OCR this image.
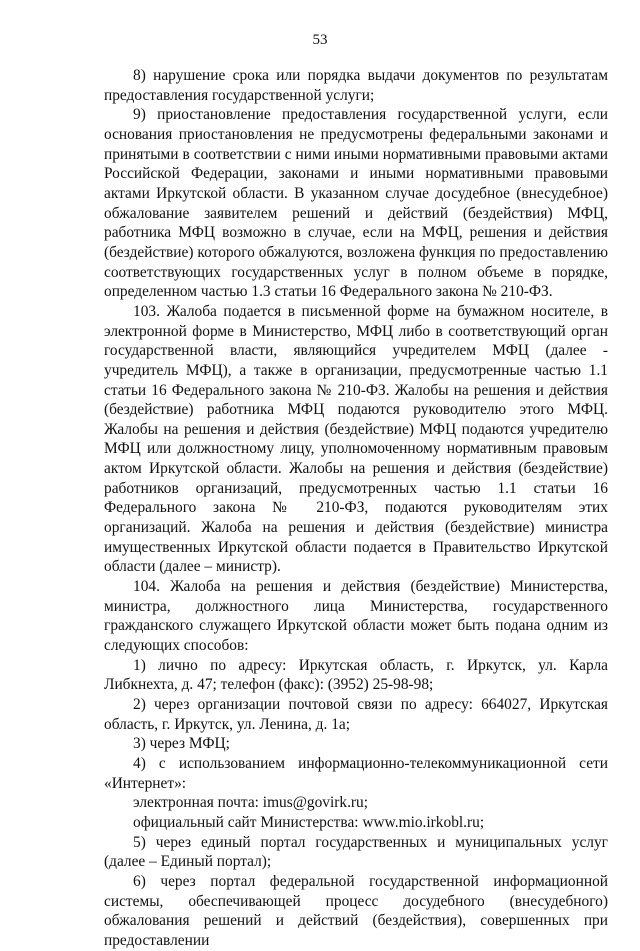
53

8) нарушение срока или порядка выдачи документов по результатам предоставления государственной услуги;

9) приостановление предоставления государственной услуги, если основания приостановления не предусмотрены федеральными законами и принятыми в соответствии с ними иными нормативными правовыми актами Российской Федерации, законами и иными нормативными правовыми актами Иркутской области. В указанном случае досудебное (внесудебное) обжалование заявителем решений и действий (бездействия) МФЦ, работника МФЦ возможно в случае, если на МФЦ, решения и действия (бездействие) которого обжалуются, возложена функция по предоставлению соответствующих государственных услуг в полном объеме в порядке, определенном частью 1.3 статьи 16 Федерального закона № 210-ФЗ.

103. Жалоба подается в письменной форме на бумажном носителе, в электронной форме в Министерство, МФЦ либо в соответствующий орган государственной власти, являющийся учредителем МФЦ (далее - учредитель МФЦ), а также в организации, предусмотренные частью 1.1 статьи 16 Федерального закона № 210-ФЗ. Жалобы на решения и действия (бездействие) работника МФЦ подаются руководителю этого МФЦ. Жалобы на решения и действия (бездействие) МФЦ подаются учредителю МФЦ или должностному лицу, уполномоченному нормативным правовым актом Иркутской области. Жалобы на решения и действия (бездействие) работников организаций, предусмотренных частью 1.1 статьи 16 Федерального закона № 210-ФЗ, подаются руководителям этих организаций. Жалоба на решения и действия (бездействие) министра имущественных Иркутской области подается в Правительство Иркутской области (далее – министр).

104. Жалоба на решения и действия (бездействие) Министерства, министра, должностного лица Министерства, государственного гражданского служащего Иркутской области может быть подана одним из следующих способов:

1) лично по адресу: Иркутская область, г. Иркутск, ул. Карла Либкнехта, д. 47; телефон (факс): (3952) 25-98-98;

2) через организации почтовой связи по адресу: 664027, Иркутская область, г. Иркутск, ул. Ленина, д. 1а;

3) через МФЦ;

4) с использованием информационно-телекоммуникационной сети «Интернет»:

электронная почта: imus@govirk.ru;

официальный сайт Министерства: www.mio.irkobl.ru;

5) через единый портал государственных и муниципальных услуг (далее – Единый портал);

6) через портал федеральной государственной информационной системы, обеспечивающей процесс досудебного (внесудебного) обжалования решений и действий (бездействия), совершенных при предоставлении
